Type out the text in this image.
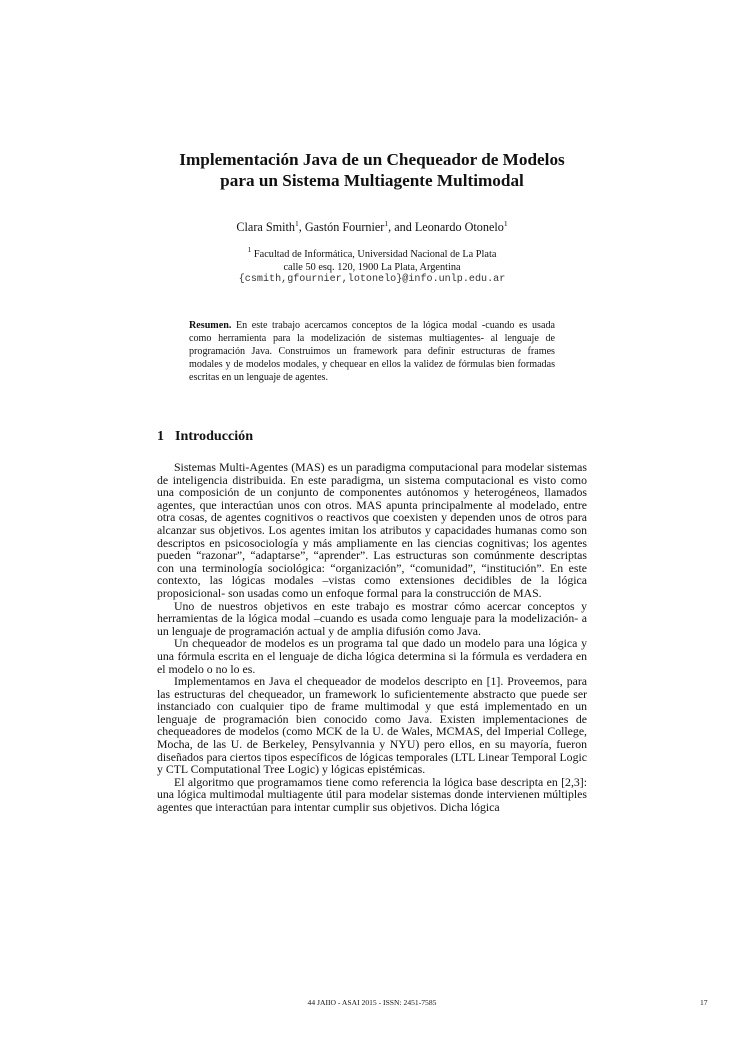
Implementación Java de un Chequeador de Modelos
para un Sistema Multiagente Multimodal
Clara Smith$^1$, Gastón Fournier$^1$, and Leonardo Otonelo$^1$
$^1$ Facultad de Informática, Universidad Nacional de La Plata
calle 50 esq. 120, 1900 La Plata, Argentina
{csmith,gfournier,lotonelo}@info.unlp.edu.ar
Resumen. En este trabajo acercamos conceptos de la lógica modal -cuando es usada como herramienta para la modelización de sistemas multiagentes- al lenguaje de programación Java. Construimos un framework para definir estructuras de frames modales y de modelos modales, y chequear en ellos la validez de fórmulas bien formadas escritas en un lenguaje de agentes.
1 Introducción

Sistemas Multi-Agentes (MAS) es un paradigma computacional para modelar sistemas de inteligencia distribuida. En este paradigma, un sistema computacional es visto como una composición de un conjunto de componentes autónomos y heterogéneos, llamados agentes, que interactúan unos con otros. MAS apunta principalmente al modelado, entre otra cosas, de agentes cognitivos o reactivos que coexisten y dependen unos de otros para alcanzar sus objetivos. Los agentes imitan los atributos y capacidades humanas como son descriptos en psicosociología y más ampliamente en las ciencias cognitivas; los agentes pueden “razonar”, “adaptarse”, “aprender”. Las estructuras son comúnmente descriptas con una terminología sociológica: “organización”, “comunidad”, “institución”. En este contexto, las lógicas modales –vistas como extensiones decidibles de la lógica proposicional- son usadas como un enfoque formal para la construcción de MAS.

Uno de nuestros objetivos en este trabajo es mostrar cómo acercar conceptos y herramientas de la lógica modal –cuando es usada como lenguaje para la modelización- a un lenguaje de programación actual y de amplia difusión como Java.

Un chequeador de modelos es un programa tal que dado un modelo para una lógica y una fórmula escrita en el lenguaje de dicha lógica determina si la fórmula es verdadera en el modelo o no lo es.

Implementamos en Java el chequeador de modelos descripto en [1]. Proveemos, para las estructuras del chequeador, un framework lo suficientemente abstracto que puede ser instanciado con cualquier tipo de frame multimodal y que está implementado en un lenguaje de programación bien conocido como Java. Existen implementaciones de chequeadores de modelos (como MCK de la U. de Wales, MCMAS, del Imperial College, Mocha, de las U. de Berkeley, Pensylvannia y NYU) pero ellos, en su mayoría, fueron diseñados para ciertos tipos específicos de lógicas temporales (LTL Linear Temporal Logic y CTL Computational Tree Logic) y lógicas epistémicas.

El algoritmo que programamos tiene como referencia la lógica base descripta en [2,3]: una lógica multimodal multiagente útil para modelar sistemas donde intervienen múltiples agentes que interactúan para intentar cumplir sus objetivos. Dicha lógica

44 JAIIO - ASAI 2015 - ISSN: 2451-7585	17
